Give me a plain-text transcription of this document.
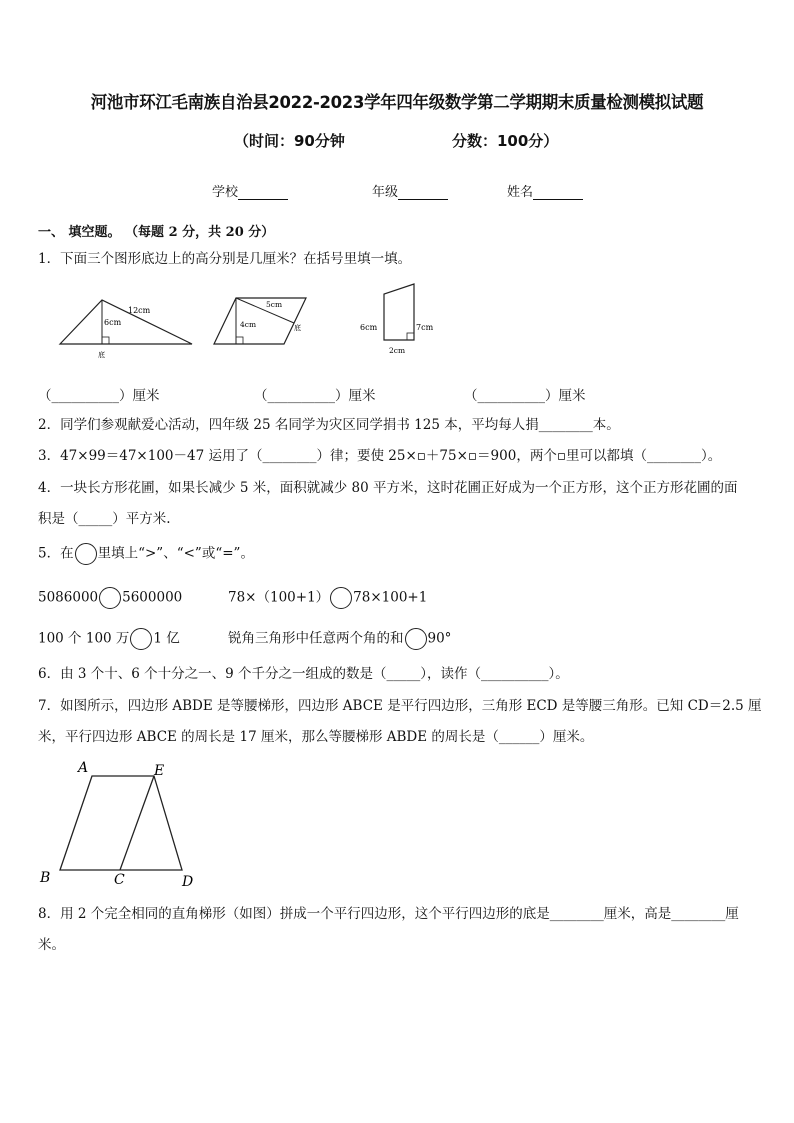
河池市环江毛南族自治县2022-2023学年四年级数学第二学期期末质量检测模拟试题
（时间：90分钟	分数：100分）
学校	年级	姓名
一、 填空题。 （每题 2 分，共 20 分）
1．下面三个图形底边上的高分别是几厘米？在括号里填一填。
12cm
6cm
底
5cm
4cm	底	6cm	7cm
2cm
（__________）厘米	（__________）厘米	（__________）厘米
2．同学们参观献爱心活动，四年级 25 名同学为灾区同学捐书 125 本，平均每人捐________本。
3．47×99＝47×100－47 运用了（________）律；要使 25×▫＋75×▫＝900，两个▫里可以都填（________）。
4．一块长方形花圃，如果长减少 5 米，面积就减少 80 平方米，这时花圃正好成为一个正方形，这个正方形花圃的面
积是（_____）平方米.
5．在 里填上“>”、“<”或“=”。
5086000 5600000	78×（100+1） 78×100+1
100 个 100 万 1 亿	锐角三角形中任意两个角的和 90°
6．由 3 个十、6 个十分之一、9 个千分之一组成的数是（_____），读作（__________）。
7．如图所示，四边形 ABDE 是等腰梯形，四边形 ABCE 是平行四边形，三角形 ECD 是等腰三角形。已知 CD＝2.5 厘
米，平行四边形 ABCE 的周长是 17 厘米，那么等腰梯形 ABDE 的周长是（______）厘米。
A	E
B	C	D
8．用 2 个完全相同的直角梯形（如图）拼成一个平行四边形，这个平行四边形的底是________厘米，高是________厘
米。
